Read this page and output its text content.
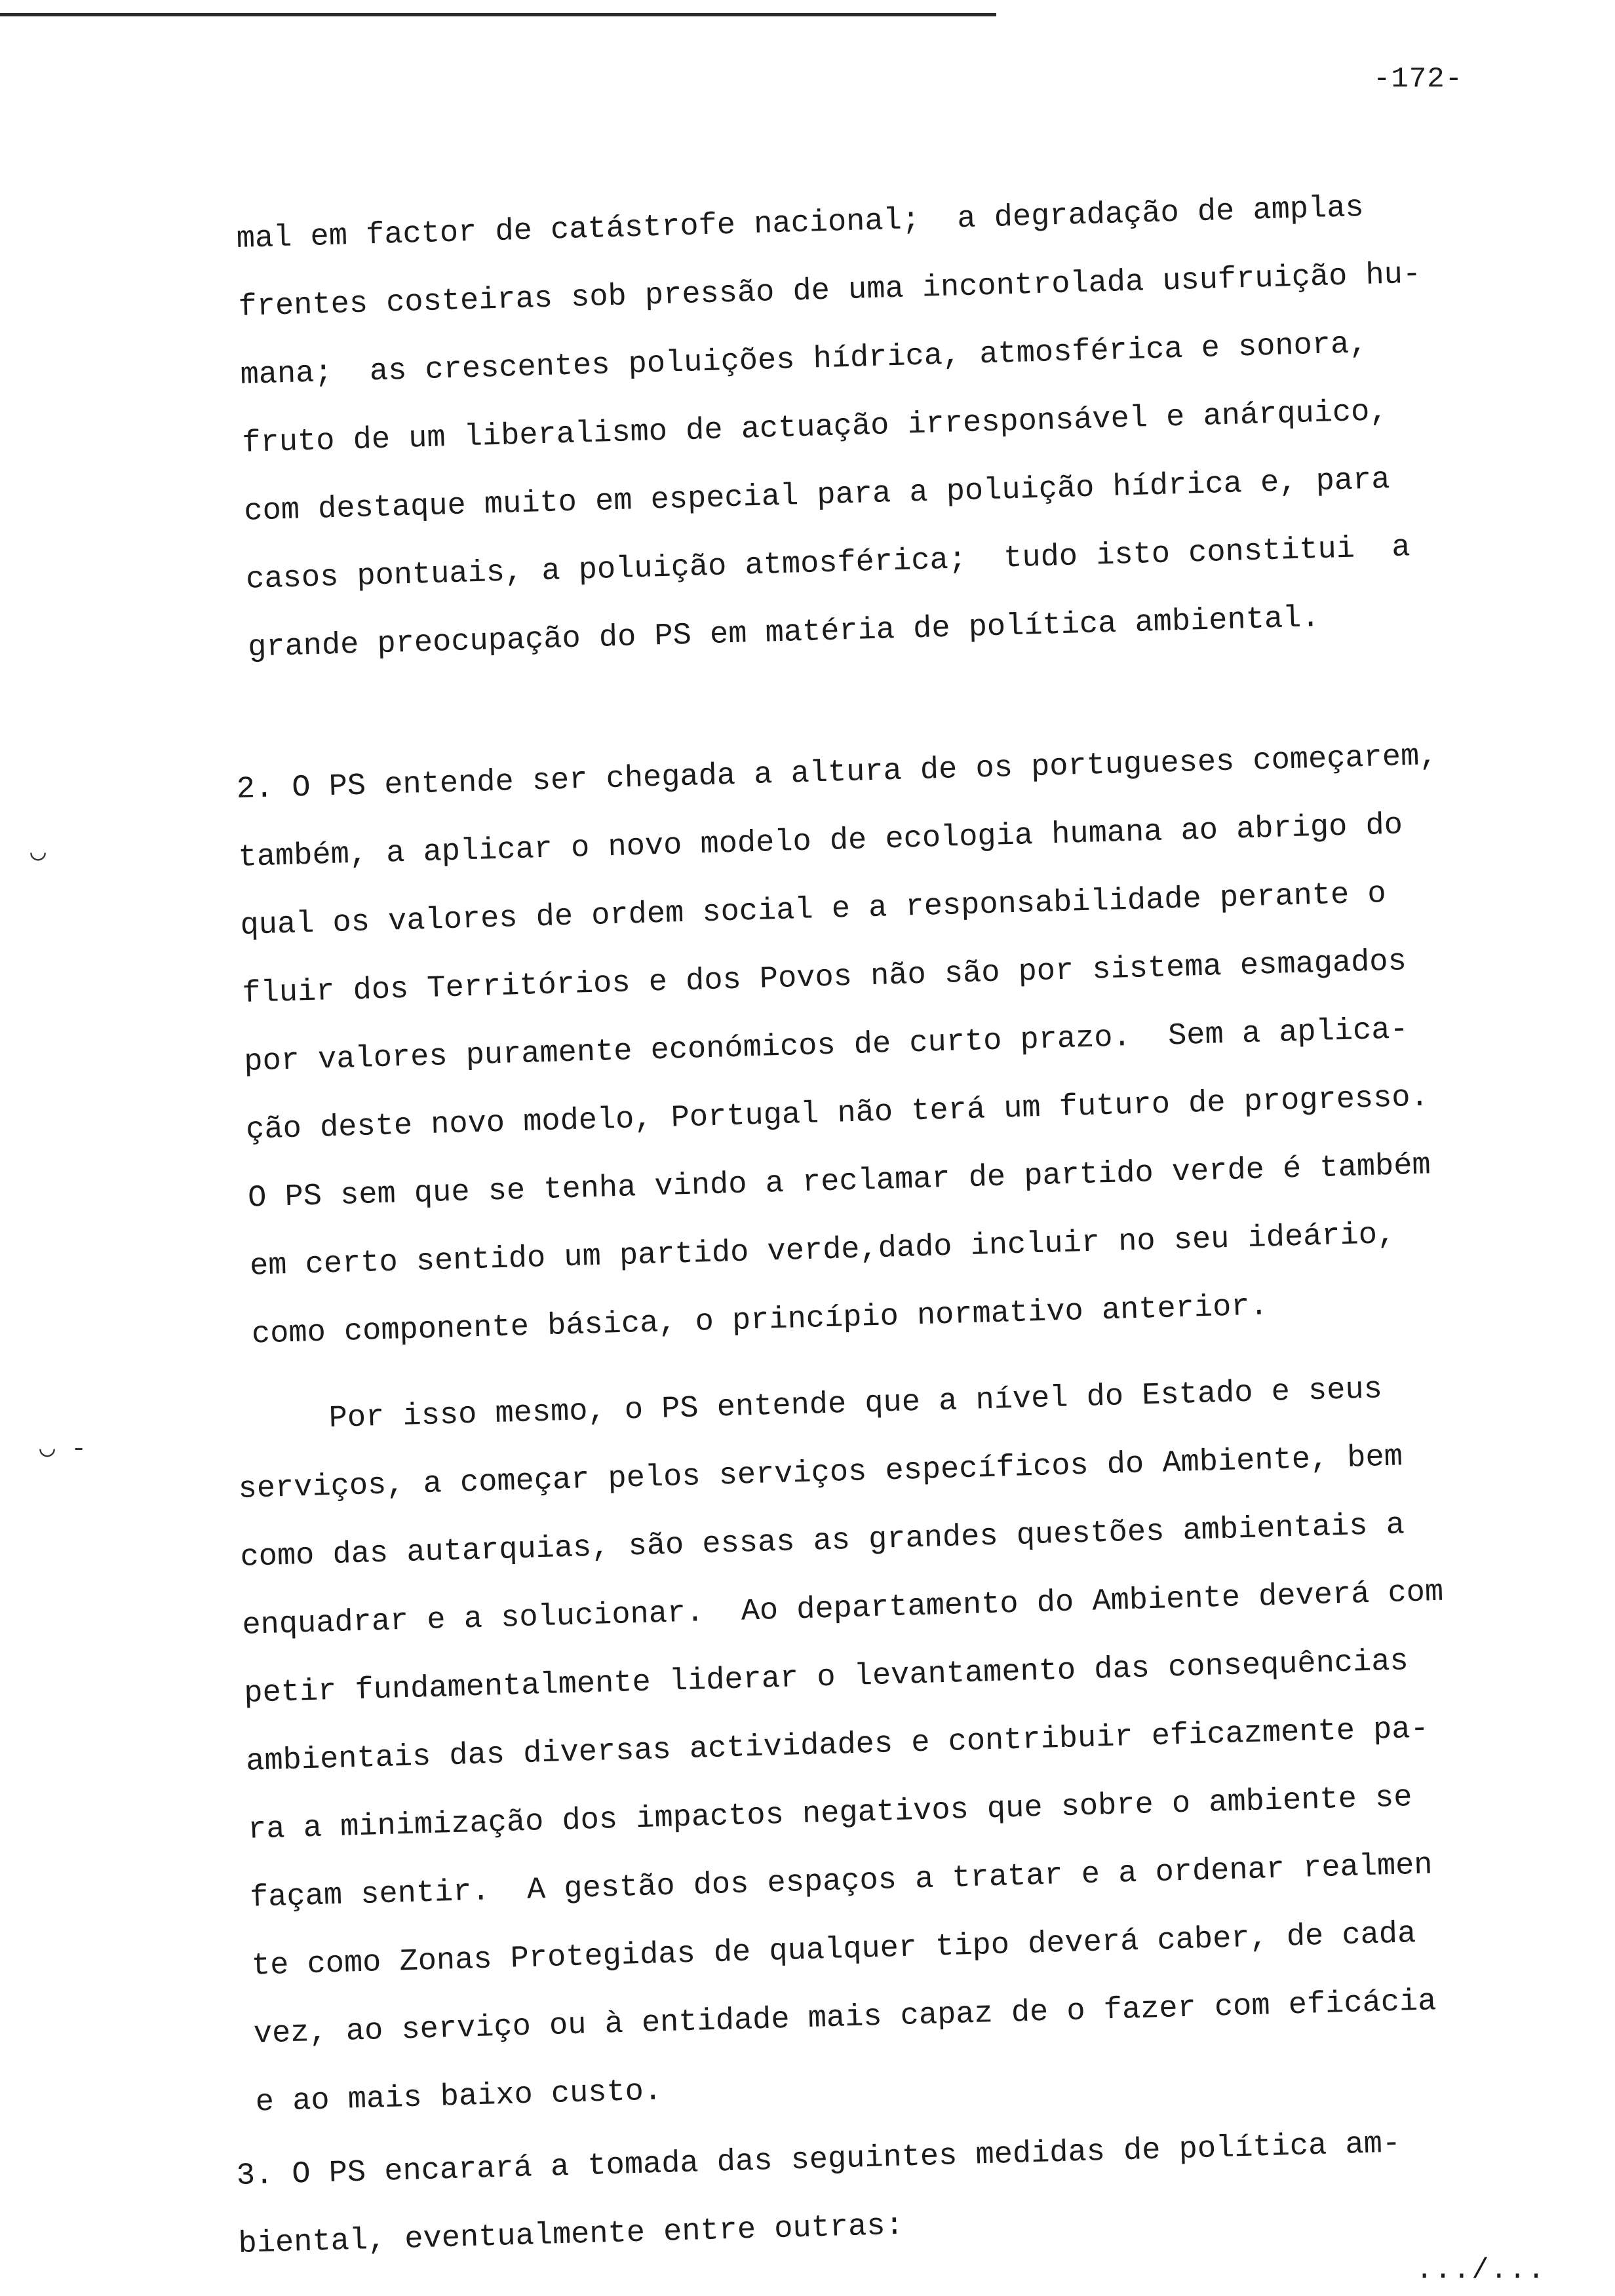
-172-
◡
◡ -
mal em factor de catástrofe nacional;  a degradação de amplas
frentes costeiras sob pressão de uma incontrolada usufruição hu-
mana;  as crescentes poluições hídrica, atmosférica e sonora,
fruto de um liberalismo de actuação irresponsável e anárquico,
com destaque muito em especial para a poluição hídrica e, para
casos pontuais, a poluição atmosférica;  tudo isto constitui  a
grande preocupação do PS em matéria de política ambiental.
2. O PS entende ser chegada a altura de os portugueses começarem,
também, a aplicar o novo modelo de ecologia humana ao abrigo do
qual os valores de ordem social e a responsabilidade perante o
fluir dos Territórios e dos Povos não são por sistema esmagados
por valores puramente económicos de curto prazo.  Sem a aplica-
ção deste novo modelo, Portugal não terá um futuro de progresso.
O PS sem que se tenha vindo a reclamar de partido verde é também
em certo sentido um partido verde,dado incluir no seu ideário,
como componente básica, o princípio normativo anterior.
Por isso mesmo, o PS entende que a nível do Estado e seus
serviços, a começar pelos serviços específicos do Ambiente, bem
como das autarquias, são essas as grandes questões ambientais a
enquadrar e a solucionar.  Ao departamento do Ambiente deverá com
petir fundamentalmente liderar o levantamento das consequências
ambientais das diversas actividades e contribuir eficazmente pa-
ra a minimização dos impactos negativos que sobre o ambiente se
façam sentir.  A gestão dos espaços a tratar e a ordenar realmen
te como Zonas Protegidas de qualquer tipo deverá caber, de cada
vez, ao serviço ou à entidade mais capaz de o fazer com eficácia
e ao mais baixo custo.
3. O PS encarará a tomada das seguintes medidas de política am-
biental, eventualmente entre outras:
.../...
